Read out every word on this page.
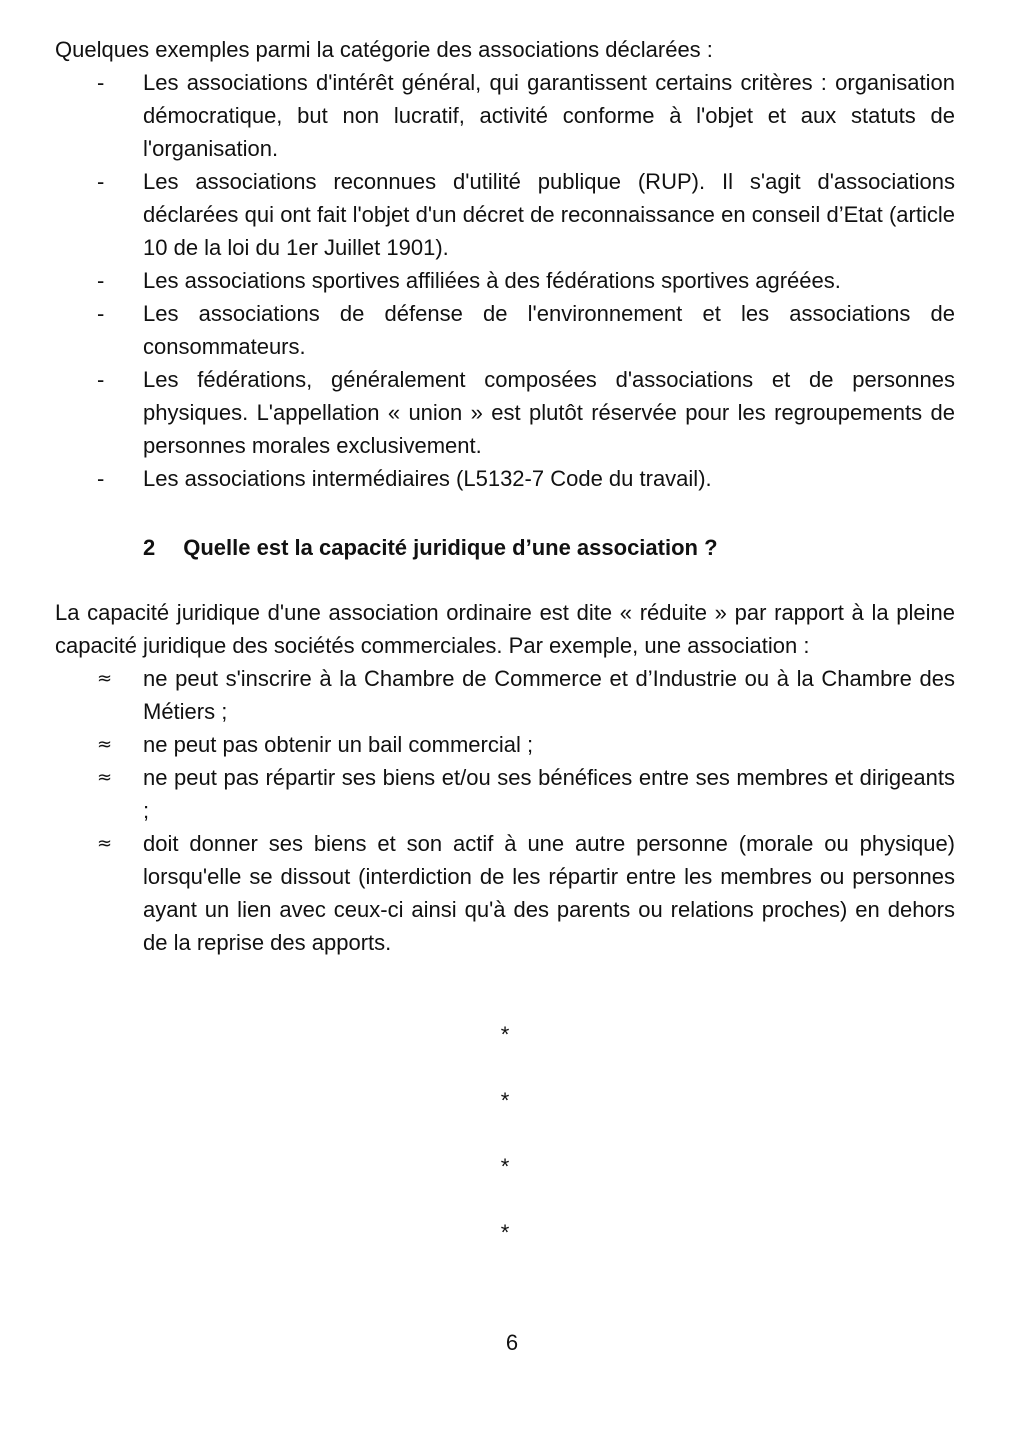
Quelques exemples parmi la catégorie des associations déclarées :

-	Les associations d'intérêt général, qui garantissent certains critères : organisation démocratique, but non lucratif, activité conforme à l'objet et aux statuts de l'organisation.
-	Les associations reconnues d'utilité publique (RUP). Il s'agit d'associations déclarées qui ont fait l'objet d'un décret de reconnaissance en conseil d’Etat (article 10 de la loi du 1er Juillet 1901).
-	Les associations sportives affiliées à des fédérations sportives agréées.
-	Les associations de défense de l'environnement et les associations de consommateurs.
-	Les fédérations, généralement composées d'associations et de personnes physiques. L'appellation « union » est plutôt réservée pour les regroupements de personnes morales exclusivement.
-	Les associations intermédiaires (L5132-7 Code du travail).
2 Quelle est la capacité juridique d’une association ?

La capacité juridique d'une association ordinaire est dite « réduite » par rapport à la pleine capacité juridique des sociétés commerciales. Par exemple, une association :

≈ ne peut s'inscrire à la Chambre de Commerce et d’Industrie ou à la Chambre des Métiers ;
≈ ne peut pas obtenir un bail commercial ;
≈ ne peut pas répartir ses biens et/ou ses bénéfices entre ses membres et dirigeants ;
≈ doit donner ses biens et son actif à une autre personne (morale ou physique) lorsqu'elle se dissout (interdiction de les répartir entre les membres ou personnes ayant un lien avec ceux-ci ainsi qu'à des parents ou relations proches) en dehors de la reprise des apports.
*
*
*
*
6
